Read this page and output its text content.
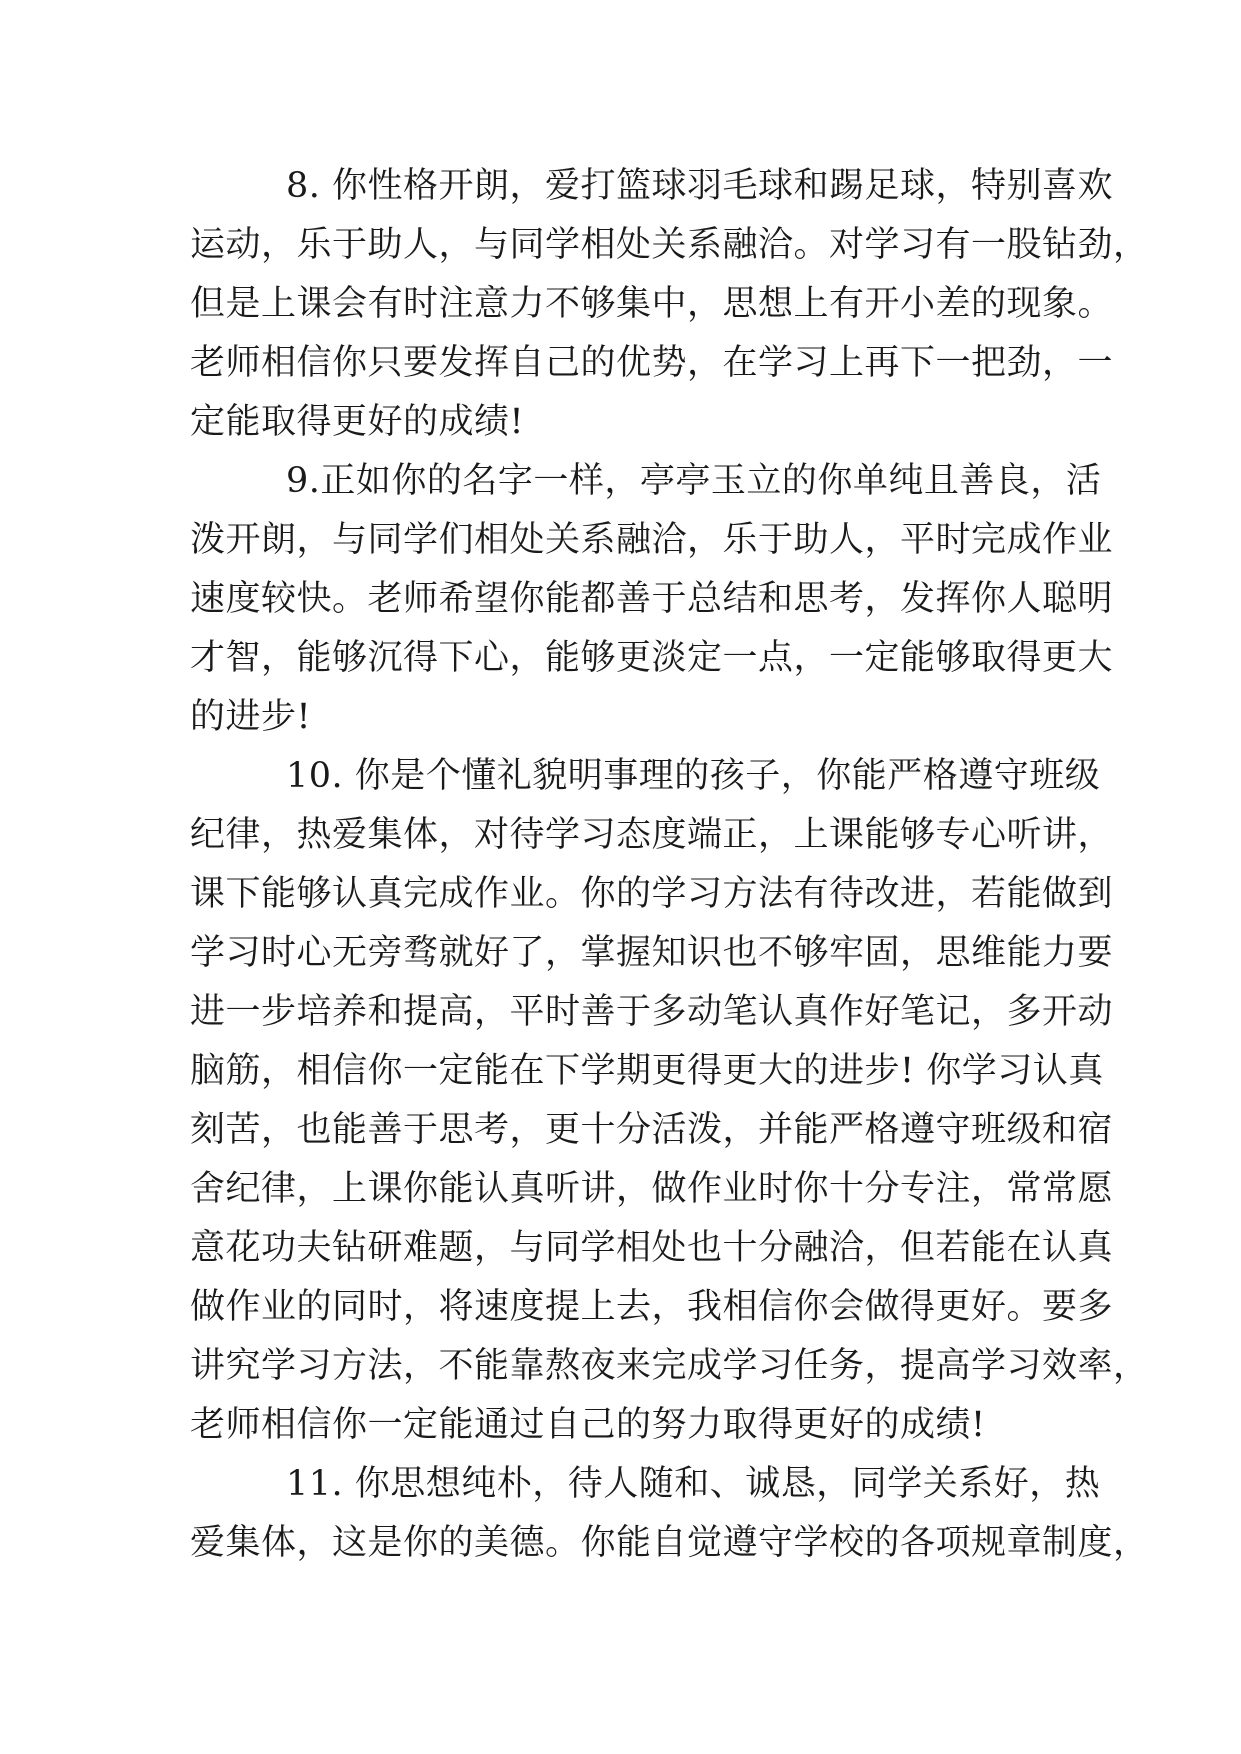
8. 你性格开朗，爱打篮球羽毛球和踢足球，特别喜欢
运动，乐于助人，与同学相处关系融洽。对学习有一股钻劲，
但是上课会有时注意力不够集中，思想上有开小差的现象。
老师相信你只要发挥自己的优势，在学习上再下一把劲，一
定能取得更好的成绩!
9.正如你的名字一样，亭亭玉立的你单纯且善良，活
泼开朗，与同学们相处关系融洽，乐于助人，平时完成作业
速度较快。老师希望你能都善于总结和思考，发挥你人聪明
才智，能够沉得下心，能够更淡定一点，一定能够取得更大
的进步!
10. 你是个懂礼貌明事理的孩子，你能严格遵守班级
纪律，热爱集体，对待学习态度端正，上课能够专心听讲，
课下能够认真完成作业。你的学习方法有待改进，若能做到
学习时心无旁骛就好了，掌握知识也不够牢固，思维能力要
进一步培养和提高，平时善于多动笔认真作好笔记，多开动
脑筋，相信你一定能在下学期更得更大的进步! 你学习认真
刻苦，也能善于思考，更十分活泼，并能严格遵守班级和宿
舍纪律，上课你能认真听讲，做作业时你十分专注，常常愿
意花功夫钻研难题，与同学相处也十分融洽，但若能在认真
做作业的同时，将速度提上去，我相信你会做得更好。要多
讲究学习方法，不能靠熬夜来完成学习任务，提高学习效率，
老师相信你一定能通过自己的努力取得更好的成绩!
11. 你思想纯朴，待人随和、诚恳，同学关系好，热
爱集体，这是你的美德。你能自觉遵守学校的各项规章制度，
